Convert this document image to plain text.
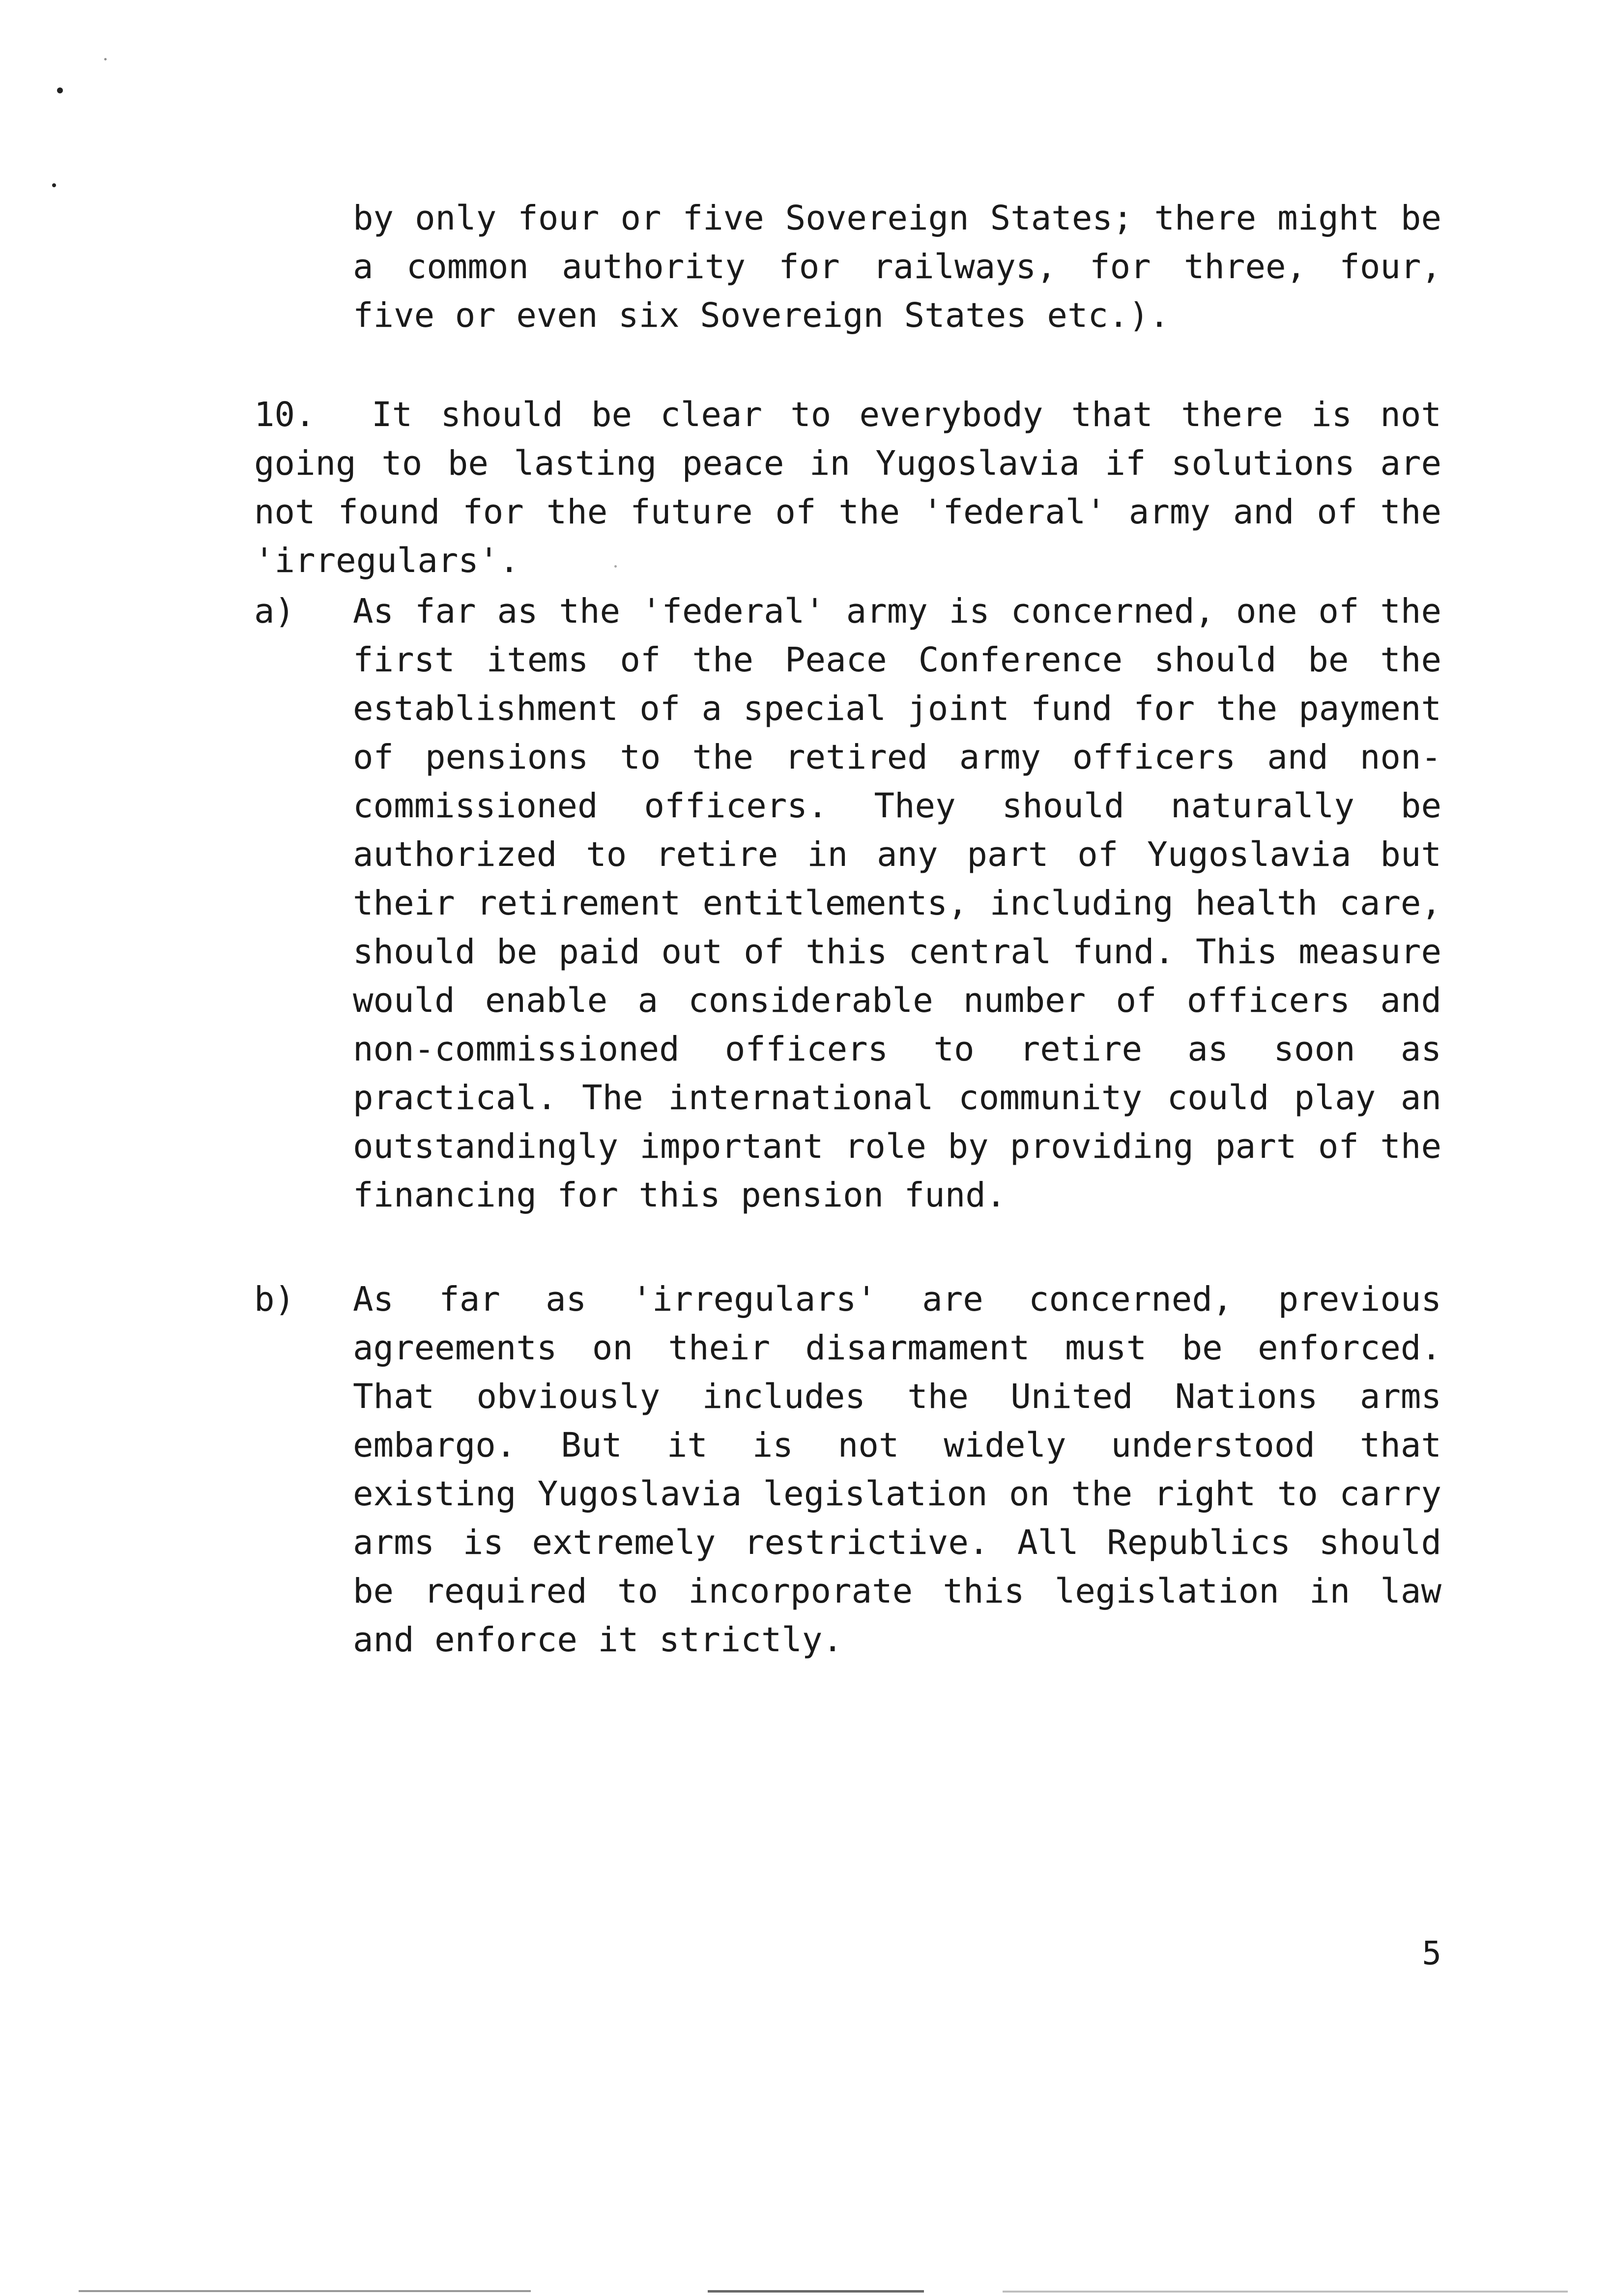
by only four or five Sovereign States; there might be a common authority for railways, for three, four, five or even six Sovereign States etc.).
10. It should be clear to everybody that there is not going to be lasting peace in Yugoslavia if solutions are not found for the future of the 'federal' army and of the 'irregulars'.
a) As far as the 'federal' army is concerned, one of the first items of the Peace Conference should be the establishment of a special joint fund for the payment of pensions to the retired army officers and non-commissioned officers. They should naturally be authorized to retire in any part of Yugoslavia but their retirement entitlements, including health care, should be paid out of this central fund. This measure would enable a considerable number of officers and non-commissioned officers to retire as soon as practical. The international community could play an outstandingly important role by providing part of the financing for this pension fund.
b) As far as 'irregulars' are concerned, previous agreements on their disarmament must be enforced. That obviously includes the United Nations arms embargo. But it is not widely understood that existing Yugoslavia legislation on the right to carry arms is extremely restrictive. All Republics should be required to incorporate this legislation in law and enforce it strictly.
5
